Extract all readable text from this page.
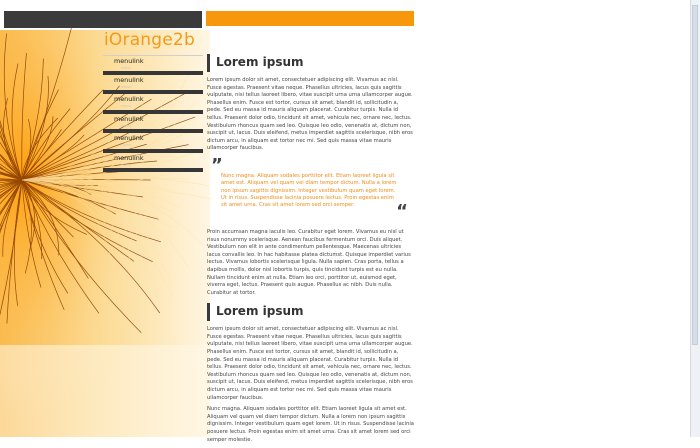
iOrange2b
menulink
menu
menulink
menu
menulink
menu
menulink
menu
menulink
menu
menulink
menu
Lorem ipsum

Lorem ipsum dolor sit amet, consectetuer adipiscing elit. Vivamus ac nisl. Fusce egestas. Praesent vitae neque. Phasellus ultricies, lacus quis sagittis vulputate, nisi tellus laoreet libero, vitae suscipit urna urna ullamcorper augue. Phasellus enim. Fusce est tortor, cursus sit amet, blandit id, sollicitudin a, pede. Sed eu massa id mauris aliquam placerat. Curabitur turpis. Nulla id tellus. Praesent dolor odio, tincidunt sit amet, vehicula nec, ornare nec, lectus. Vestibulum rhoncus quam sed leo. Quisque leo odio, venenatis at, dictum non, suscipit ut, lacus. Duis eleifend, metus imperdiet sagittis scelerisque, nibh eros dictum arcu, in aliquam est tortor nec mi. Sed quis massa vitae mauris ullamcorper faucibus.

”
Nunc magna. Aliquam sodales porttitor elit. Etiam laoreet ligula sit amet est. Aliquam vel quam vel diam tempor dictum. Nulla a lorem non ipsum sagittis dignissim. Integer vestibulum quam eget lorem. Ut in risus. Suspendisse lacinia posuere lectus. Proin egestas enim sit amet urna. Cras sit amet lorem sed orci semper.	“

Proin accumsan magna iaculis leo. Curabitur eget lorem. Vivamus eu nisl ut risus nonummy scelerisque. Aenean faucibus fermentum orci. Duis aliquet. Vestibulum non elit in ante condimentum pellentesque. Maecenas ultricies lacus convallis leo. In hac habitasse platea dictumst. Quisque imperdiet varius lectus. Vivamus lobortis scelerisque ligula. Nulla sapien. Cras porta, tellus a dapibus mollis, dolor nisl lobortis turpis, quis tincidunt turpis est eu nulla. Nullam tincidunt enim at nulla. Etiam leo orci, porttitor ut, euismod eget, viverra eget, lectus. Praesent quis augue. Phasellus ac nibh. Duis nulla. Curabitur at tortor.

Lorem ipsum

Lorem ipsum dolor sit amet, consectetuer adipiscing elit. Vivamus ac nisl. Fusce egestas. Praesent vitae neque. Phasellus ultricies, lacus quis sagittis vulputate, nisi tellus laoreet libero, vitae suscipit urna urna ullamcorper augue. Phasellus enim. Fusce est tortor, cursus sit amet, blandit id, sollicitudin a, pede. Sed eu massa id mauris aliquam placerat. Curabitur turpis. Nulla id tellus. Praesent dolor odio, tincidunt sit amet, vehicula nec, ornare nec, lectus. Vestibulum rhoncus quam sed leo. Quisque leo odio, venenatis at, dictum non, suscipit ut, lacus. Duis eleifend, metus imperdiet sagittis scelerisque, nibh eros dictum arcu, in aliquam est tortor nec mi. Sed quis massa vitae mauris ullamcorper faucibus.

Nunc magna. Aliquam sodales porttitor elit. Etiam laoreet ligula sit amet est. Aliquam vel quam vel diam tempor dictum. Nulla a lorem non ipsum sagittis dignissim. Integer vestibulum quam eget lorem. Ut in risus. Suspendisse lacinia posuere lectus. Proin egestas enim sit amet urna. Cras sit amet lorem sed orci semper molestie.
